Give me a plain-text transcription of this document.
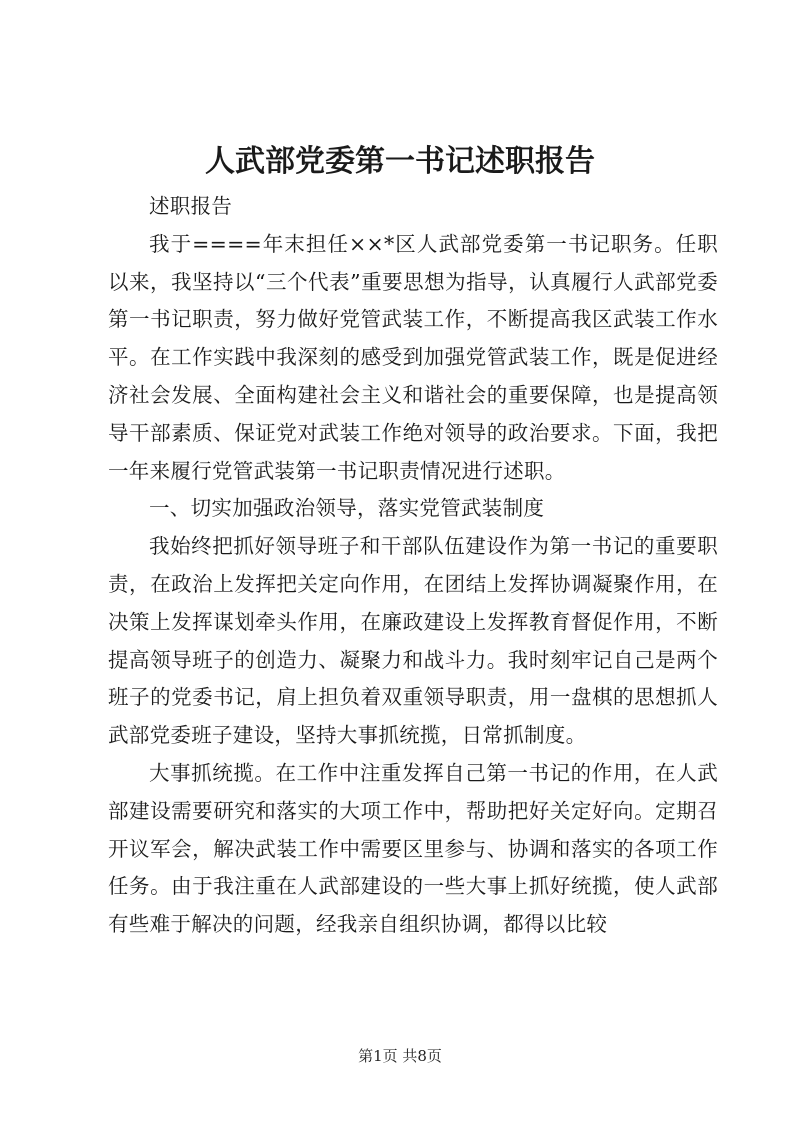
人武部党委第一书记述职报告

述职报告

我于====年末担任××*区人武部党委第一书记职务。任职以来，我坚持以“三个代表”重要思想为指导，认真履行人武部党委第一书记职责，努力做好党管武装工作，不断提高我区武装工作水平。在工作实践中我深刻的感受到加强党管武装工作，既是促进经济社会发展、全面构建社会主义和谐社会的重要保障，也是提高领导干部素质、保证党对武装工作绝对领导的政治要求。下面，我把一年来履行党管武装第一书记职责情况进行述职。

一、切实加强政治领导，落实党管武装制度

我始终把抓好领导班子和干部队伍建设作为第一书记的重要职责，在政治上发挥把关定向作用，在团结上发挥协调凝聚作用，在决策上发挥谋划牵头作用，在廉政建设上发挥教育督促作用，不断提高领导班子的创造力、凝聚力和战斗力。我时刻牢记自己是两个班子的党委书记，肩上担负着双重领导职责，用一盘棋的思想抓人武部党委班子建设，坚持大事抓统揽，日常抓制度。

大事抓统揽。在工作中注重发挥自己第一书记的作用，在人武部建设需要研究和落实的大项工作中，帮助把好关定好向。定期召开议军会，解决武装工作中需要区里参与、协调和落实的各项工作任务。由于我注重在人武部建设的一些大事上抓好统揽，使人武部有些难于解决的问题，经我亲自组织协调，都得以比较

第1页 共8页
